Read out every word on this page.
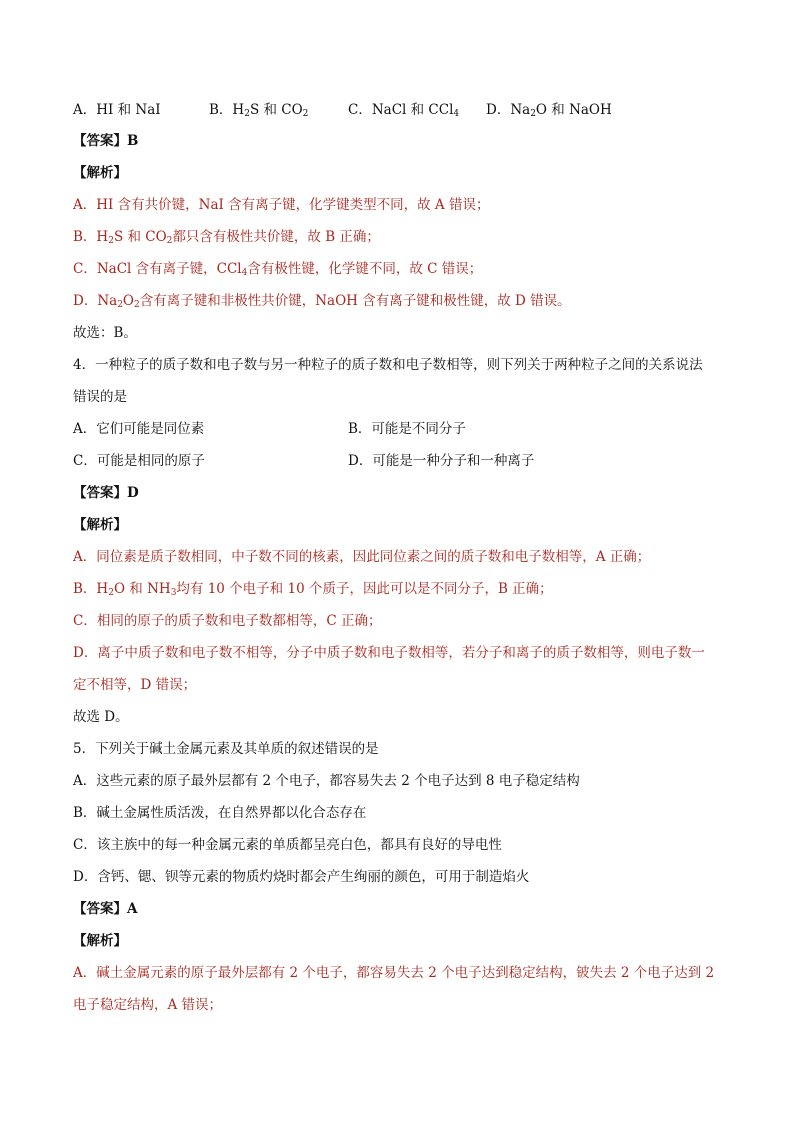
A．HI 和 NaI	B．$H_2S$ 和 $CO_2$	C．NaCl 和 CCl$_4$ D．$Na_2O$ 和 NaOH
【答案】B
【解析】
A．HI 含有共价键，NaI 含有离子键，化学键类型不同，故 A 错误；
B．$H_2S$ 和 $CO_2$都只含有极性共价键，故 B 正确；
C．NaCl 含有离子键，CCl$_4$含有极性键，化学键不同，故 C 错误；
D．$Na_2O_2$含有离子键和非极性共价键，NaOH 含有离子键和极性键，故 D 错误。
故选：B。
4．一种粒子的质子数和电子数与另一种粒子的质子数和电子数相等，则下列关于两种粒子之间的关系说法
错误的是
A．它们可能是同位素	B．可能是不同分子
C．可能是相同的原子	D．可能是一种分子和一种离子
【答案】D
【解析】
A．同位素是质子数相同，中子数不同的核素，因此同位素之间的质子数和电子数相等，A 正确；
B．$H_2O$ 和 $NH_3$均有 10 个电子和 10 个质子，因此可以是不同分子，B 正确；
C．相同的原子的质子数和电子数都相等，C 正确；
D．离子中质子数和电子数不相等，分子中质子数和电子数相等，若分子和离子的质子数相等，则电子数一
定不相等，D 错误；
故选 D。
5．下列关于碱土金属元素及其单质的叙述错误的是
A．这些元素的原子最外层都有 2 个电子，都容易失去 2 个电子达到 8 电子稳定结构
B．碱土金属性质活泼，在自然界都以化合态存在
C．该主族中的每一种金属元素的单质都呈亮白色，都具有良好的导电性
D．含钙、锶、钡等元素的物质灼烧时都会产生绚丽的颜色，可用于制造焰火
【答案】A
【解析】
A．碱土金属元素的原子最外层都有 2 个电子，都容易失去 2 个电子达到稳定结构，铍失去 2 个电子达到 2
电子稳定结构，A 错误；
